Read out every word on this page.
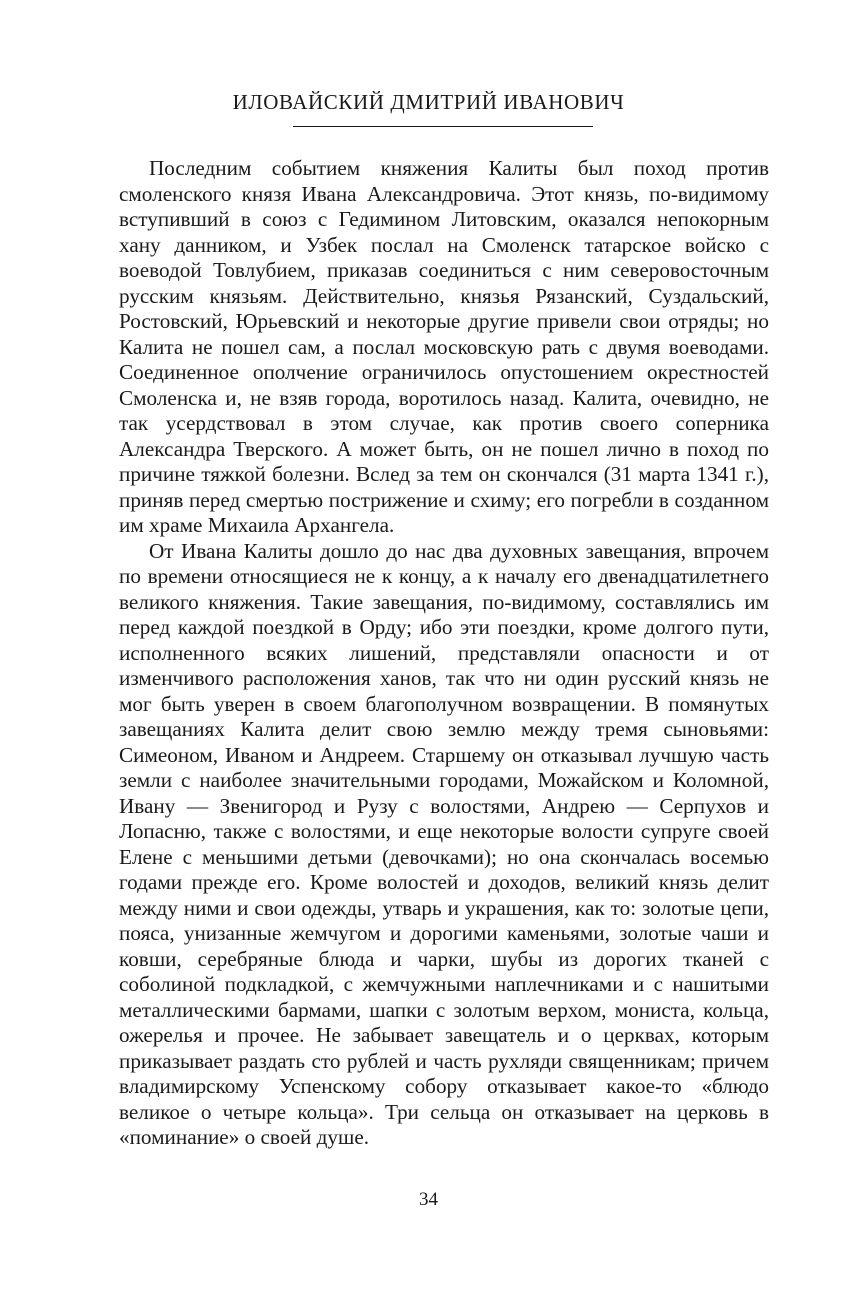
ИЛОВАЙСКИЙ ДМИТРИЙ ИВАНОВИЧ

Последним событием княжения Калиты был поход против смоленского князя Ивана Александровича. Этот князь, по-видимому вступивший в союз с Гедимином Литовским, оказался непокорным хану данником, и Узбек послал на Смоленск татарское войско с воеводой Товлубием, приказав соединиться с ним северовосточным русским князьям. Действительно, князья Рязанский, Суздальский, Ростовский, Юрьевский и некоторые другие привели свои отряды; но Калита не пошел сам, а послал московскую рать с двумя воеводами. Соединенное ополчение ограничилось опустошением окрестностей Смоленска и, не взяв города, воротилось назад. Калита, очевидно, не так усердствовал в этом случае, как против своего соперника Александра Тверского. А может быть, он не пошел лично в поход по причине тяжкой болезни. Вслед за тем он скончался (31 марта 1341 г.), приняв перед смертью пострижение и схиму; его погребли в созданном им храме Михаила Архангела.

От Ивана Калиты дошло до нас два духовных завещания, впрочем по времени относящиеся не к концу, а к началу его двенадцатилетнего великого княжения. Такие завещания, по-видимому, составлялись им перед каждой поездкой в Орду; ибо эти поездки, кроме долгого пути, исполненного всяких лишений, представляли опасности и от изменчивого расположения ханов, так что ни один русский князь не мог быть уверен в своем благополучном возвращении. В помянутых завещаниях Калита делит свою землю между тремя сыновьями: Симеоном, Иваном и Андреем. Старшему он отказывал лучшую часть земли с наиболее значительными городами, Можайском и Коломной, Ивану — Звенигород и Рузу с волостями, Андрею — Серпухов и Лопасню, также с волостями, и еще некоторые волости супруге своей Елене с меньшими детьми (девочками); но она скончалась восемью годами прежде его. Кроме волостей и доходов, великий князь делит между ними и свои одежды, утварь и украшения, как то: золотые цепи, пояса, унизанные жемчугом и дорогими каменьями, золотые чаши и ковши, серебряные блюда и чарки, шубы из дорогих тканей с соболиной подкладкой, с жемчужными наплечниками и с нашитыми металлическими бармами, шапки с золотым верхом, мониста, кольца, ожерелья и прочее. Не забывает завещатель и о церквах, которым приказывает раздать сто рублей и часть рухляди священникам; причем владимирскому Успенскому собору отказывает какое-то «блюдо великое о четыре кольца». Три сельца он отказывает на церковь в «поминание» о своей душе.

34
